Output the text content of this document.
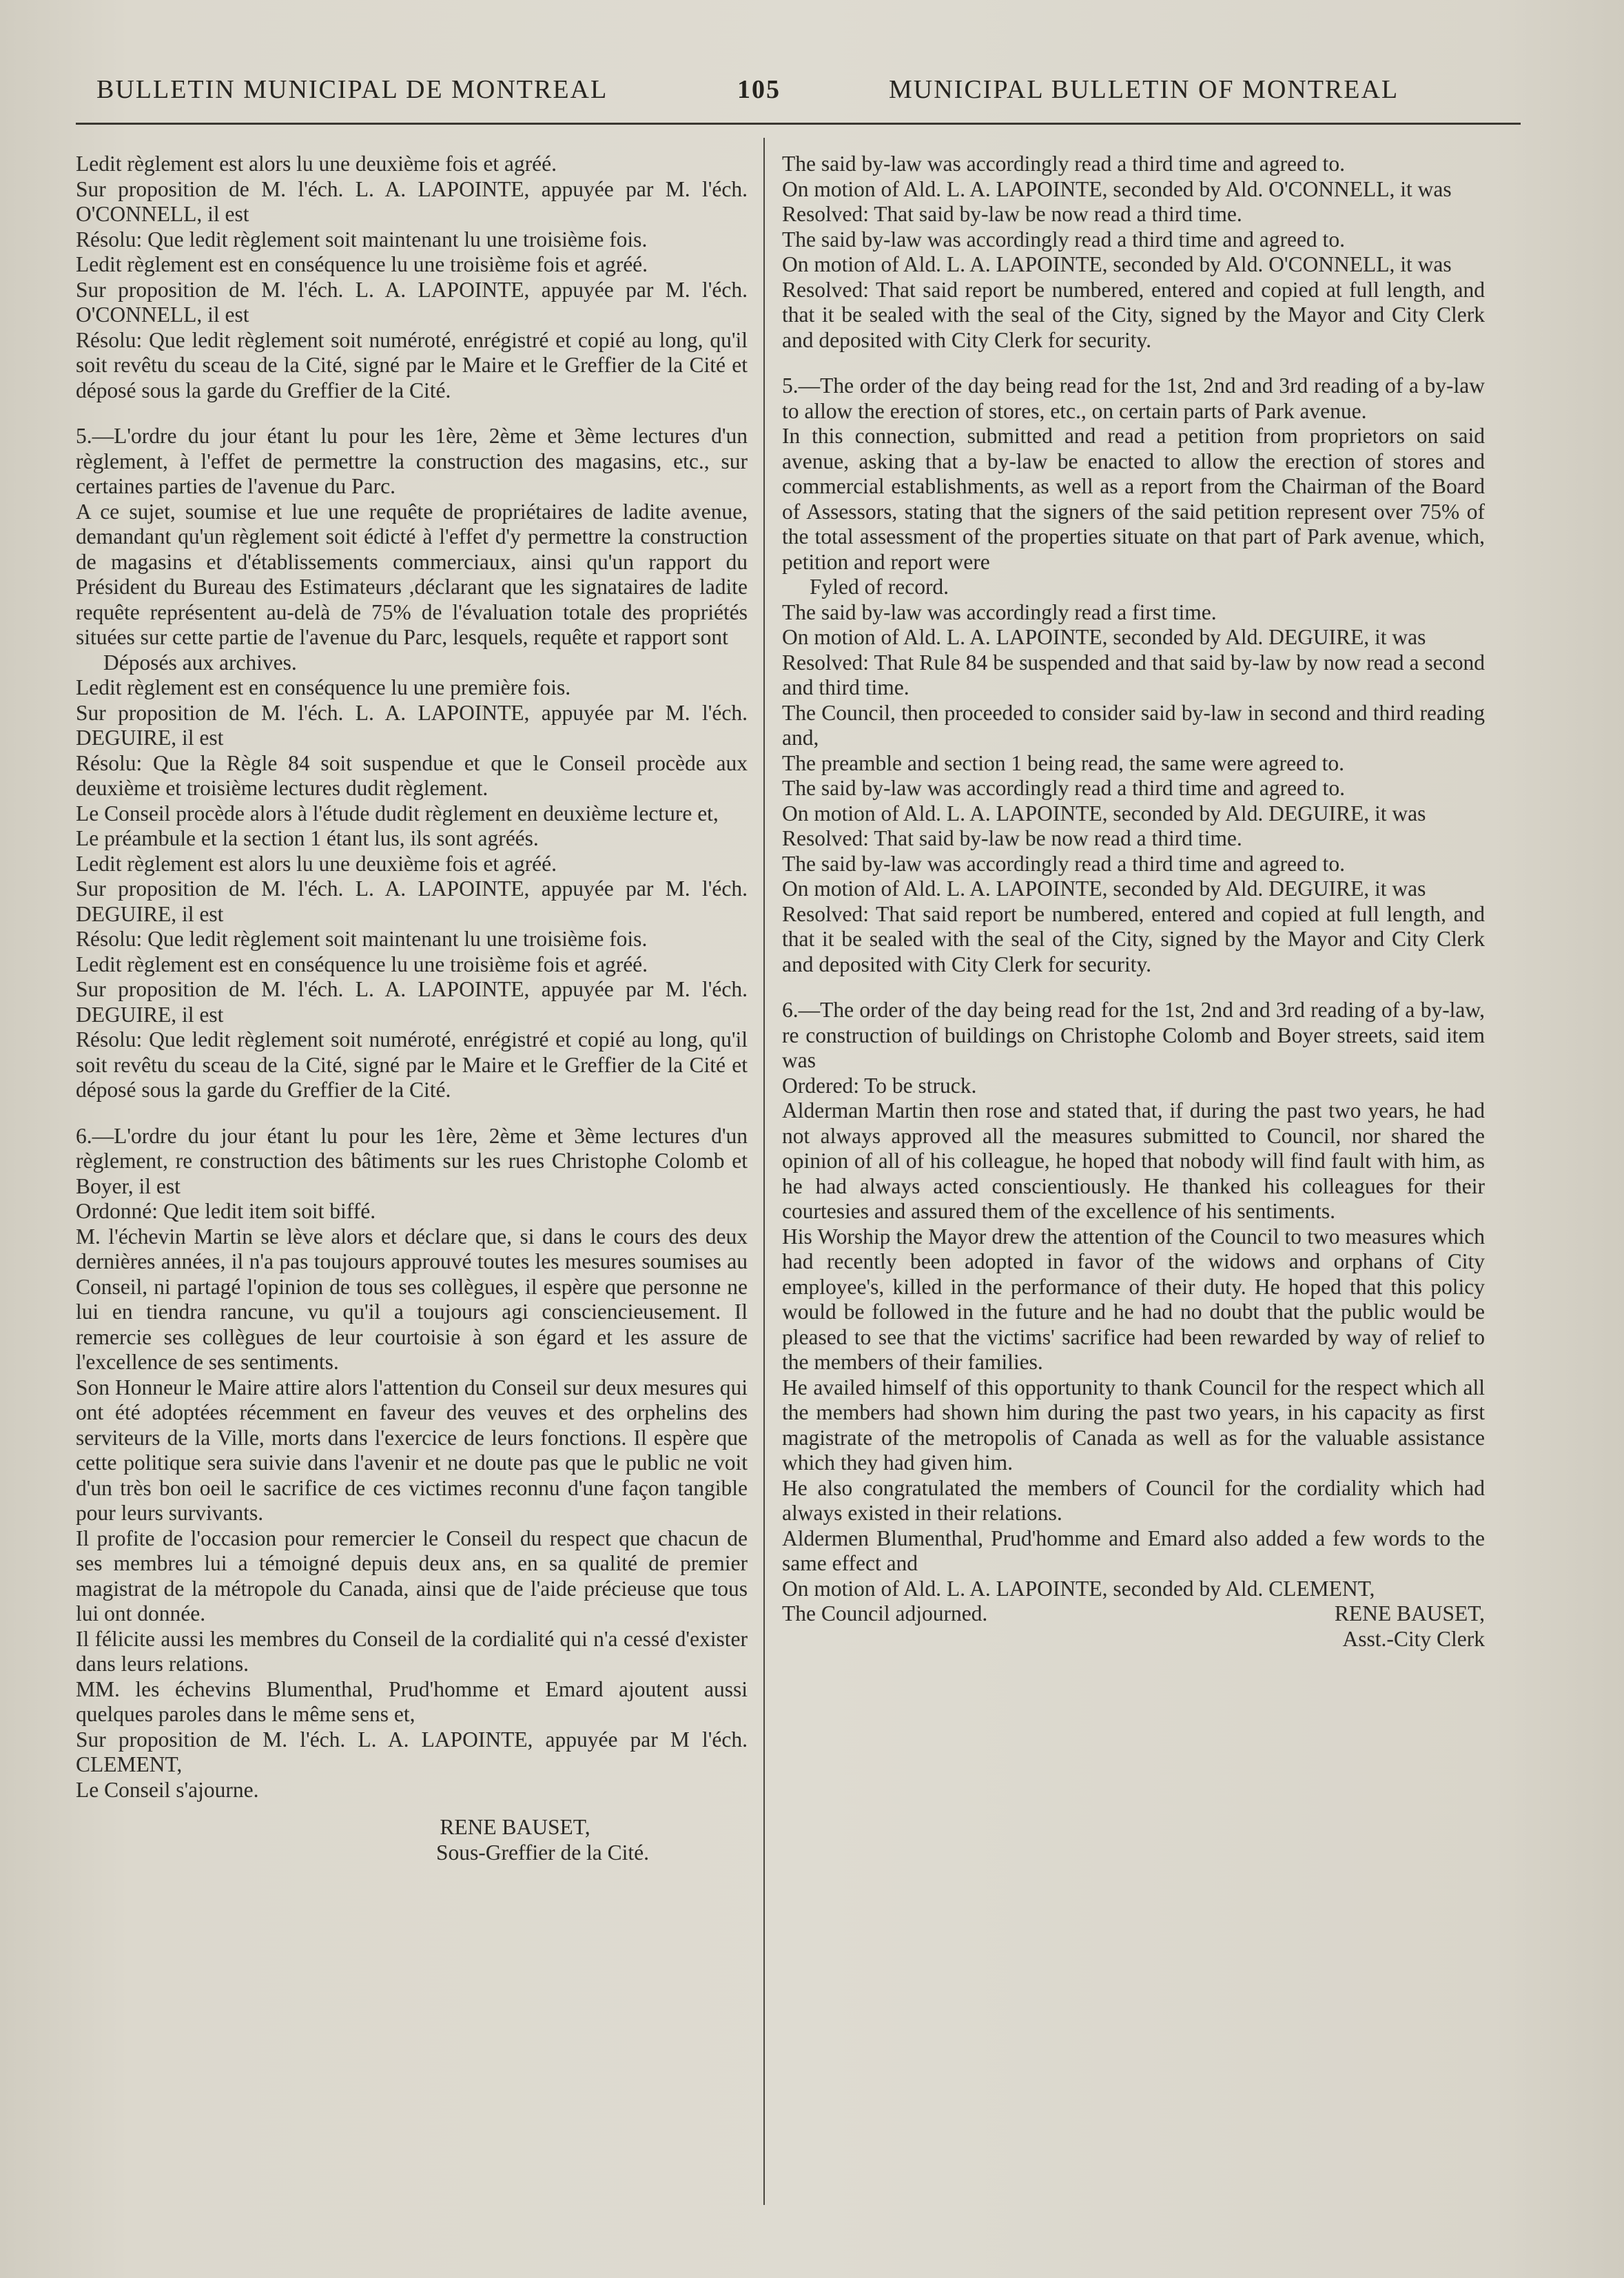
BULLETIN MUNICIPAL DE MONTREAL	105	MUNICIPAL BULLETIN OF MONTREAL

Ledit règlement est alors lu une deuxième fois et agréé.

Sur proposition de M. l'éch. L. A. LAPOINTE, appuyée par M. l'éch. O'CONNELL, il est

Résolu: Que ledit règlement soit maintenant lu une troisième fois.

Ledit règlement est en conséquence lu une troisième fois et agréé.

Sur proposition de M. l'éch. L. A. LAPOINTE, appuyée par M. l'éch. O'CONNELL, il est

Résolu: Que ledit règlement soit numéroté, enrégistré et copié au long, qu'il soit revêtu du sceau de la Cité, signé par le Maire et le Greffier de la Cité et déposé sous la garde du Greffier de la Cité.

5.—L'ordre du jour étant lu pour les 1ère, 2ème et 3ème lectures d'un règlement, à l'effet de permettre la construction des magasins, etc., sur certaines parties de l'avenue du Parc.

A ce sujet, soumise et lue une requête de propriétaires de ladite avenue, demandant qu'un règlement soit édicté à l'effet d'y permettre la construction de magasins et d'établissements commerciaux, ainsi qu'un rapport du Président du Bureau des Estimateurs ,déclarant que les signataires de ladite requête représentent au-delà de 75% de l'évaluation totale des propriétés situées sur cette partie de l'avenue du Parc, lesquels, requête et rapport sont

Déposés aux archives.

Ledit règlement est en conséquence lu une première fois.

Sur proposition de M. l'éch. L. A. LAPOINTE, appuyée par M. l'éch. DEGUIRE, il est

Résolu: Que la Règle 84 soit suspendue et que le Conseil procède aux deuxième et troisième lectures dudit règlement.

Le Conseil procède alors à l'étude dudit règlement en deuxième lecture et,

Le préambule et la section 1 étant lus, ils sont agréés.

Ledit règlement est alors lu une deuxième fois et agréé.

Sur proposition de M. l'éch. L. A. LAPOINTE, appuyée par M. l'éch. DEGUIRE, il est

Résolu: Que ledit règlement soit maintenant lu une troisième fois.

Ledit règlement est en conséquence lu une troisième fois et agréé.

Sur proposition de M. l'éch. L. A. LAPOINTE, appuyée par M. l'éch. DEGUIRE, il est

Résolu: Que ledit règlement soit numéroté, enrégistré et copié au long, qu'il soit revêtu du sceau de la Cité, signé par le Maire et le Greffier de la Cité et déposé sous la garde du Greffier de la Cité.

6.—L'ordre du jour étant lu pour les 1ère, 2ème et 3ème lectures d'un règlement, re construction des bâtiments sur les rues Christophe Colomb et Boyer, il est

Ordonné: Que ledit item soit biffé.

M. l'échevin Martin se lève alors et déclare que, si dans le cours des deux dernières années, il n'a pas toujours approuvé toutes les mesures soumises au Conseil, ni partagé l'opinion de tous ses collègues, il espère que personne ne lui en tiendra rancune, vu qu'il a toujours agi consciencieusement. Il remercie ses collègues de leur courtoisie à son égard et les assure de l'excellence de ses sentiments.

Son Honneur le Maire attire alors l'attention du Conseil sur deux mesures qui ont été adoptées récemment en faveur des veuves et des orphelins des serviteurs de la Ville, morts dans l'exercice de leurs fonctions. Il espère que cette politique sera suivie dans l'avenir et ne doute pas que le public ne voit d'un très bon oeil le sacrifice de ces victimes reconnu d'une façon tangible pour leurs survivants.

Il profite de l'occasion pour remercier le Conseil du respect que chacun de ses membres lui a témoigné depuis deux ans, en sa qualité de premier magistrat de la métropole du Canada, ainsi que de l'aide précieuse que tous lui ont donnée.

Il félicite aussi les membres du Conseil de la cordialité qui n'a cessé d'exister dans leurs relations.

MM. les échevins Blumenthal, Prud'homme et Emard ajoutent aussi quelques paroles dans le même sens et,

Sur proposition de M. l'éch. L. A. LAPOINTE, appuyée par M l'éch. CLEMENT,

Le Conseil s'ajourne.

RENE BAUSET,
Sous-Greffier de la Cité.

The said by-law was accordingly read a third time and agreed to.

On motion of Ald. L. A. LAPOINTE, seconded by Ald. O'CONNELL, it was

Resolved: That said by-law be now read a third time.

The said by-law was accordingly read a third time and agreed to.

On motion of Ald. L. A. LAPOINTE, seconded by Ald. O'CONNELL, it was

Resolved: That said report be numbered, entered and copied at full length, and that it be sealed with the seal of the City, signed by the Mayor and City Clerk and deposited with City Clerk for security.

5.—The order of the day being read for the 1st, 2nd and 3rd reading of a by-law to allow the erection of stores, etc., on certain parts of Park avenue.

In this connection, submitted and read a petition from proprietors on said avenue, asking that a by-law be enacted to allow the erection of stores and commercial establishments, as well as a report from the Chairman of the Board of Assessors, stating that the signers of the said petition represent over 75% of the total assessment of the properties situate on that part of Park avenue, which, petition and report were

Fyled of record.

The said by-law was accordingly read a first time.

On motion of Ald. L. A. LAPOINTE, seconded by Ald. DEGUIRE, it was

Resolved: That Rule 84 be suspended and that said by-law by now read a second and third time.

The Council, then proceeded to consider said by-law in second and third reading and,

The preamble and section 1 being read, the same were agreed to.

The said by-law was accordingly read a third time and agreed to.

On motion of Ald. L. A. LAPOINTE, seconded by Ald. DEGUIRE, it was

Resolved: That said by-law be now read a third time.

The said by-law was accordingly read a third time and agreed to.

On motion of Ald. L. A. LAPOINTE, seconded by Ald. DEGUIRE, it was

Resolved: That said report be numbered, entered and copied at full length, and that it be sealed with the seal of the City, signed by the Mayor and City Clerk and deposited with City Clerk for security.

6.—The order of the day being read for the 1st, 2nd and 3rd reading of a by-law, re construction of buildings on Christophe Colomb and Boyer streets, said item was

Ordered: To be struck.

Alderman Martin then rose and stated that, if during the past two years, he had not always approved all the measures submitted to Council, nor shared the opinion of all of his colleague, he hoped that nobody will find fault with him, as he had always acted conscientiously. He thanked his colleagues for their courtesies and assured them of the excellence of his sentiments.

His Worship the Mayor drew the attention of the Council to two measures which had recently been adopted in favor of the widows and orphans of City employee's, killed in the performance of their duty. He hoped that this policy would be followed in the future and he had no doubt that the public would be pleased to see that the victims' sacrifice had been rewarded by way of relief to the members of their families.

He availed himself of this opportunity to thank Council for the respect which all the members had shown him during the past two years, in his capacity as first magistrate of the metropolis of Canada as well as for the valuable assistance which they had given him.

He also congratulated the members of Council for the cordiality which had always existed in their relations.

Aldermen Blumenthal, Prud'homme and Emard also added a few words to the same effect and

On motion of Ald. L. A. LAPOINTE, seconded by Ald. CLEMENT,

The Council adjourned.	RENE BAUSET,
Asst.-City Clerk
